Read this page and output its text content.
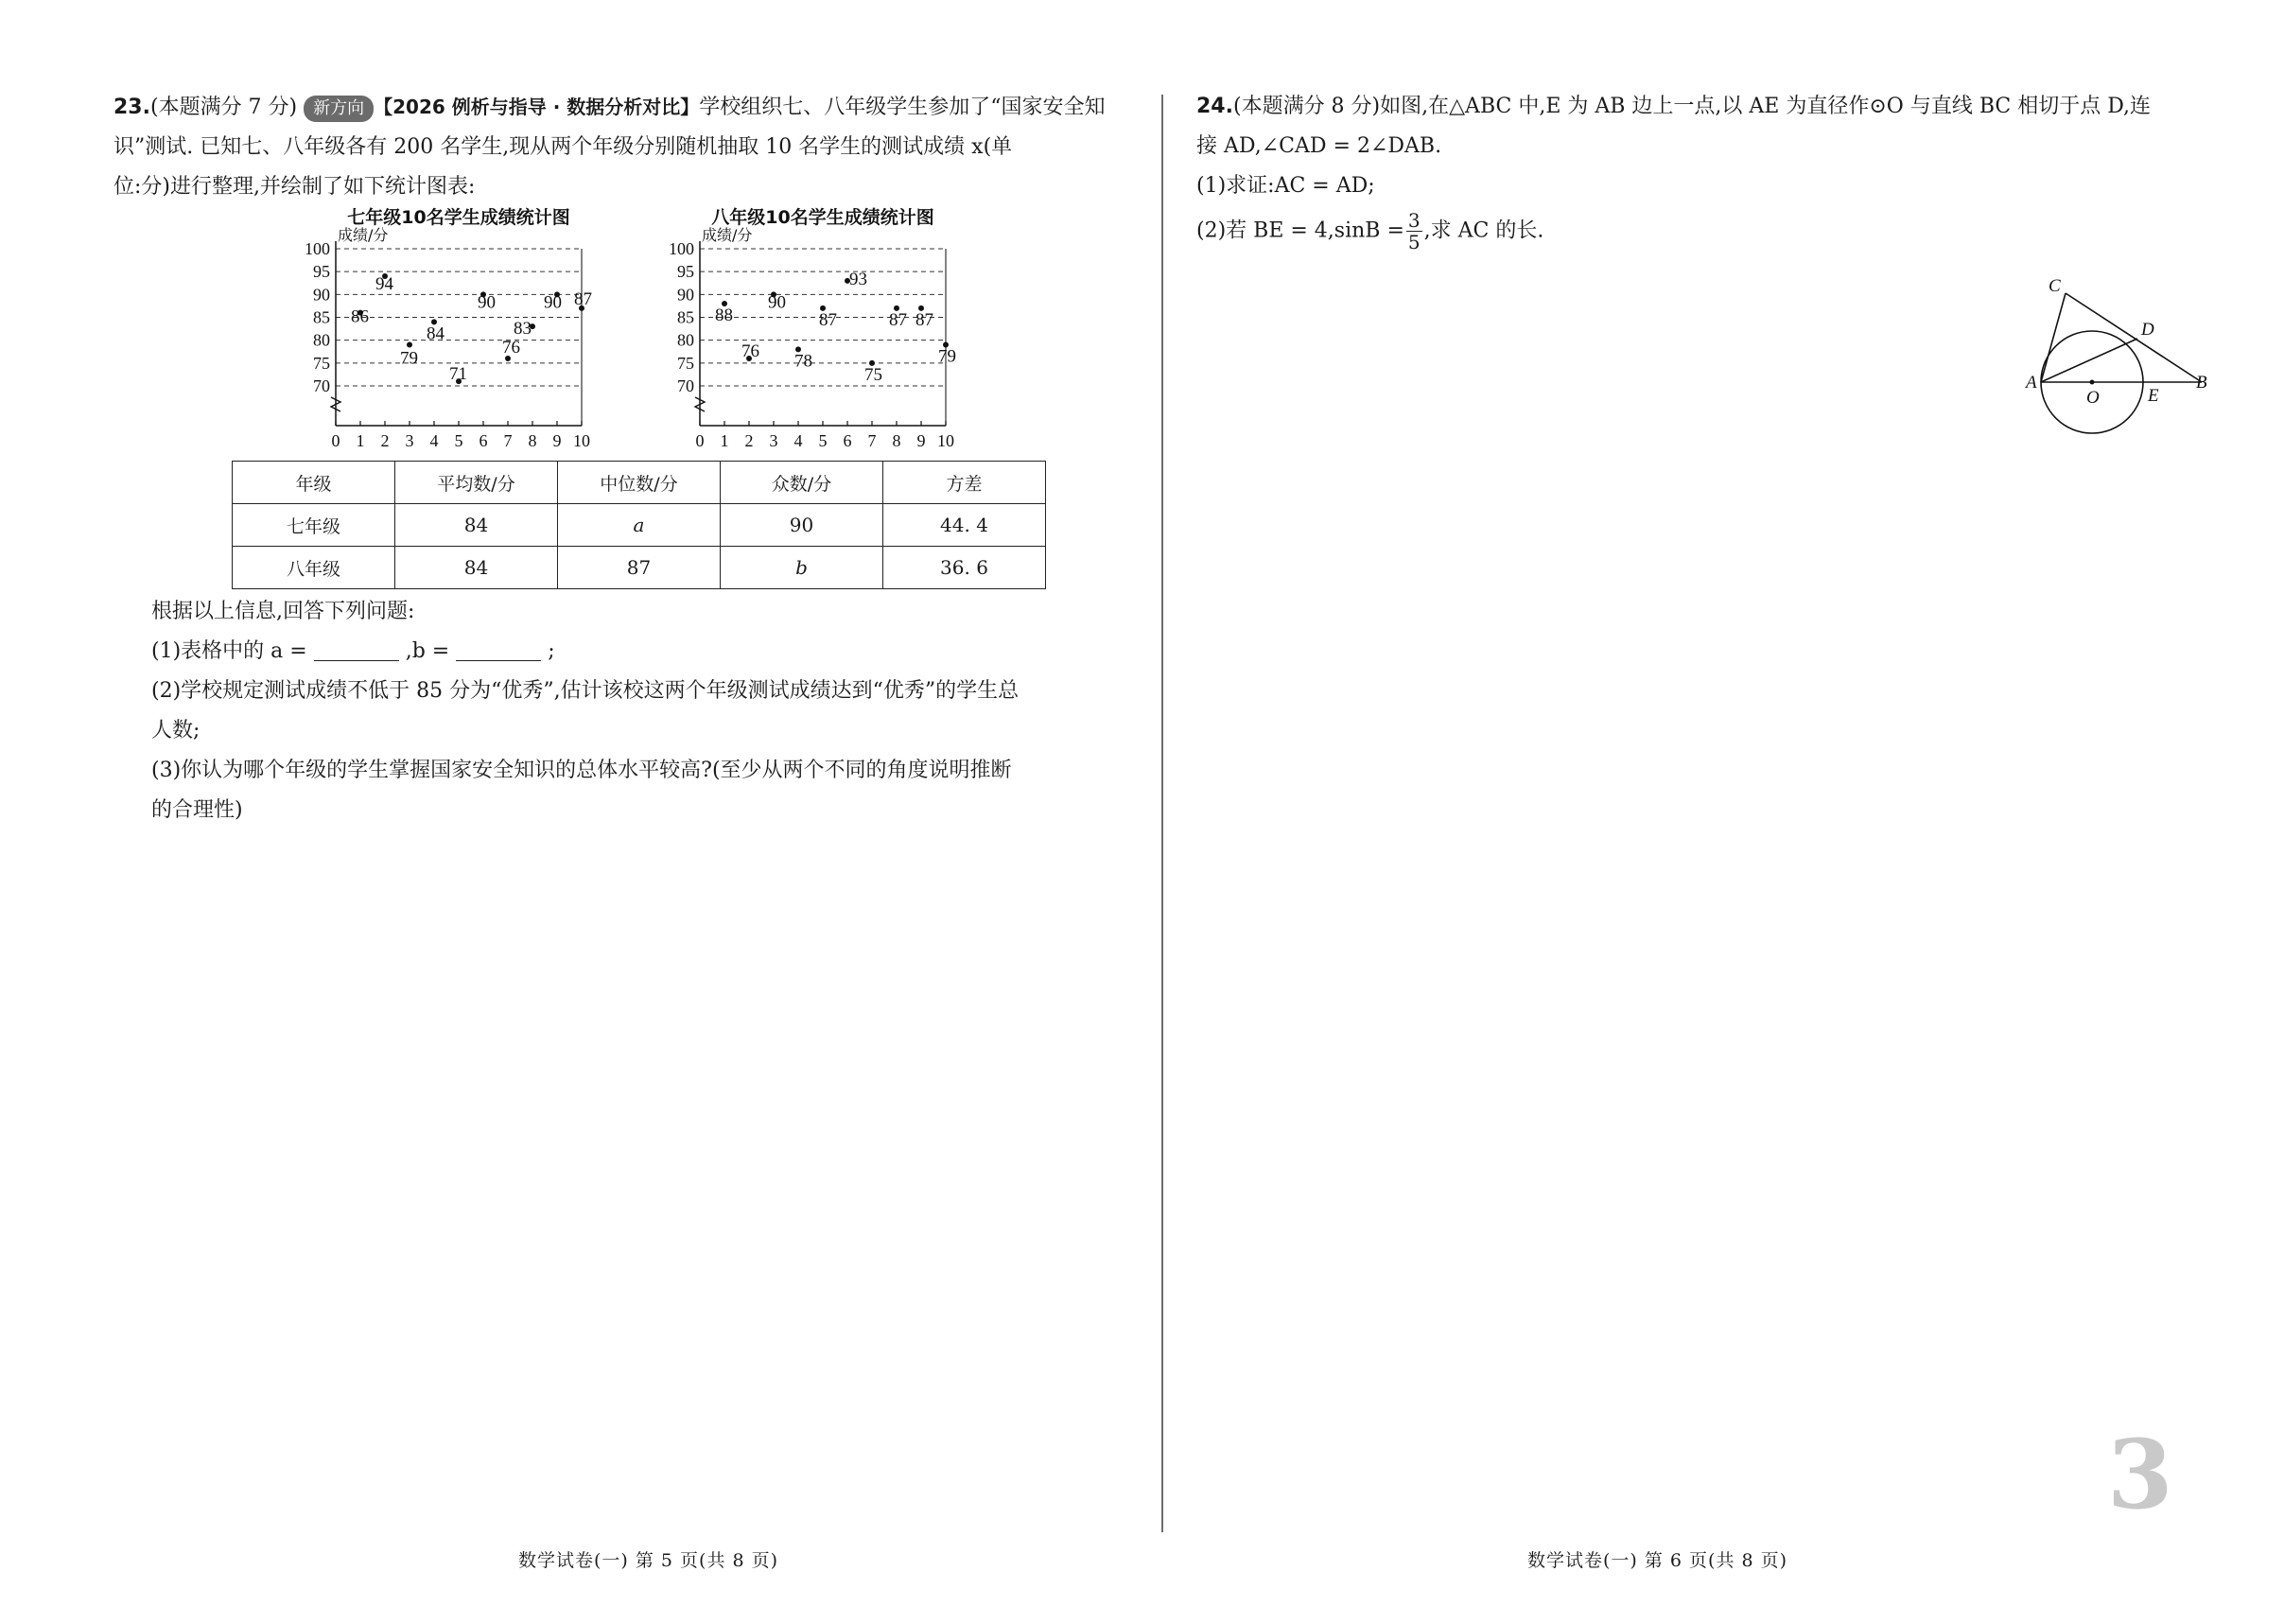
23.(本题满分 7 分) 新方向 【2026 例析与指导 · 数据分析对比】学校组织七、八年级学生参加了“国家安全知

识”测试. 已知七、八年级各有 200 名学生,现从两个年级分别随机抽取 10 名学生的测试成绩 x(单

位:分)进行整理,并绘制了如下统计图表:

七年级10名学生成绩统计图
成绩/分
70
75
80
85
90
95
100
0 1 2 3 4 5 6 7 8 9 10
86
94
79
84
71
90
76
83
90 87
八年级10名学生成绩统计图
成绩/分
70
75
80
85
90
95
100
0 1 2 3 4 5 6 7 8 9 10
88
76
90
78
87
93
75
87 87
79
年级	平均数/分	中位数/分	众数/分	方差
七年级	84	a	90	44. 4
八年级	84	87	b	36. 6

根据以上信息,回答下列问题:

(1)表格中的 a =	,b =	;

(2)学校规定测试成绩不低于 85 分为“优秀”,估计该校这两个年级测试成绩达到“优秀”的学生总

人数;

(3)你认为哪个年级的学生掌握国家安全知识的总体水平较高?(至少从两个不同的角度说明推断

的合理性)

24.(本题满分 8 分)如图,在△ABC 中,E 为 AB 边上一点,以 AE 为直径作⊙O 与直线 BC 相切于点 D,连

接 AD,∠CAD = 2∠DAB.

(1)求证:AC = AD;

(2)若 BE = $4,\sin B = \frac{3}{5}$ ,求 AC 的长.

C
D
A
O	E
B
3
数学试卷(一) 第 5 页(共 8 页)	数学试卷(一) 第 6 页(共 8 页)
